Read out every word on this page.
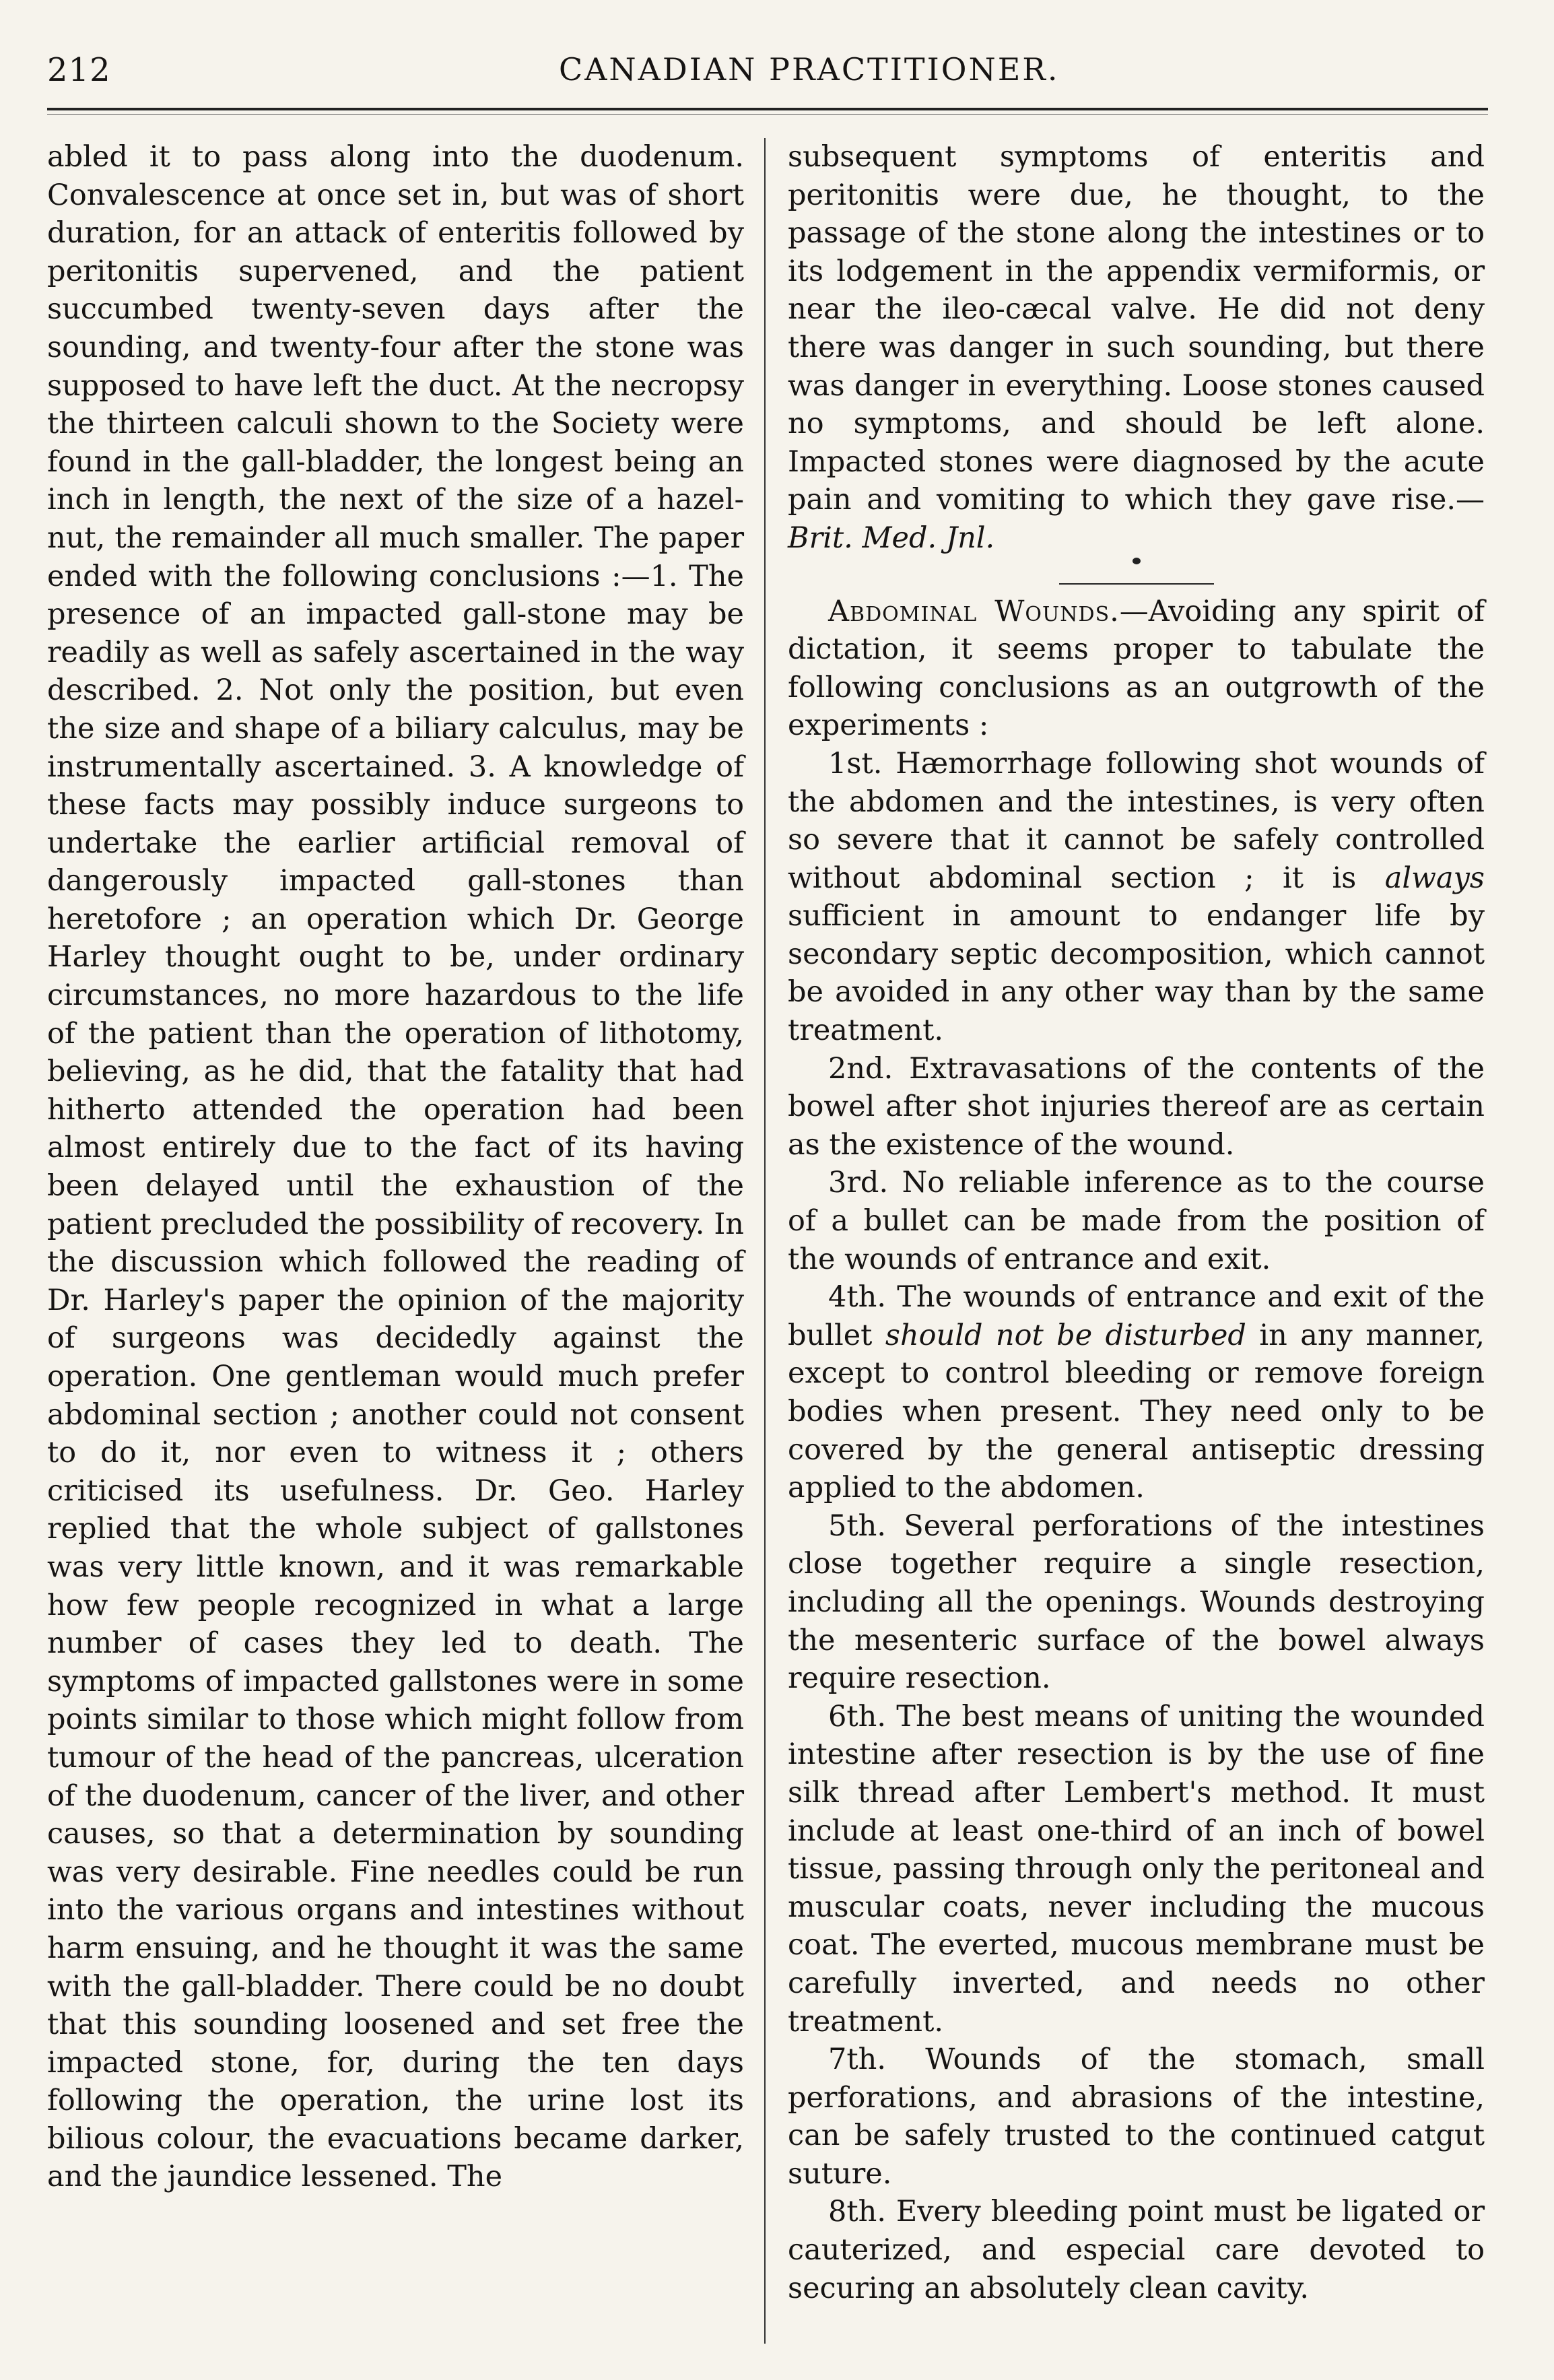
212	CANADIAN PRACTITIONER.

abled it to pass along into the duodenum. Convalescence at once set in, but was of short duration, for an attack of enteritis followed by peritonitis supervened, and the patient succumbed twenty-seven days after the sounding, and twenty-four after the stone was supposed to have left the duct. At the necropsy the thirteen calculi shown to the Society were found in the gall-bladder, the longest being an inch in length, the next of the size of a hazel-nut, the remainder all much smaller. The paper ended with the following conclusions :—1. The presence of an impacted gall-stone may be readily as well as safely ascertained in the way described. 2. Not only the position, but even the size and shape of a biliary calculus, may be instrumentally ascertained. 3. A knowledge of these facts may possibly induce surgeons to undertake the earlier artificial removal of dangerously impacted gall-stones than heretofore ; an operation which Dr. George Harley thought ought to be, under ordinary circumstances, no more hazardous to the life of the patient than the operation of lithotomy, believing, as he did, that the fatality that had hitherto attended the operation had been almost entirely due to the fact of its having been delayed until the exhaustion of the patient precluded the possibility of recovery. In the discussion which followed the reading of Dr. Harley's paper the opinion of the majority of surgeons was decidedly against the operation. One gentleman would much prefer abdominal section ; another could not consent to do it, nor even to witness it ; others criticised its usefulness. Dr. Geo. Harley replied that the whole subject of gallstones was very little known, and it was remarkable how few people recognized in what a large number of cases they led to death. The symptoms of impacted gallstones were in some points similar to those which might follow from tumour of the head of the pancreas, ulceration of the duodenum, cancer of the liver, and other causes, so that a determination by sounding was very desirable. Fine needles could be run into the various organs and intestines without harm ensuing, and he thought it was the same with the gall-bladder. There could be no doubt that this sounding loosened and set free the impacted stone, for, during the ten days following the operation, the urine lost its bilious colour, the evacuations became darker, and the jaundice lessened. The

subsequent symptoms of enteritis and peritonitis were due, he thought, to the passage of the stone along the intestines or to its lodgement in the appendix vermiformis, or near the ileo-cæcal valve. He did not deny there was danger in such sounding, but there was danger in everything. Loose stones caused no symptoms, and should be left alone. Impacted stones were diagnosed by the acute pain and vomiting to which they gave rise.—Brit. Med. Jnl.

Abdominal Wounds.—Avoiding any spirit of dictation, it seems proper to tabulate the following conclusions as an outgrowth of the experiments :

1st. Hæmorrhage following shot wounds of the abdomen and the intestines, is very often so severe that it cannot be safely controlled without abdominal section ; it is always sufficient in amount to endanger life by secondary septic decomposition, which cannot be avoided in any other way than by the same treatment.

2nd. Extravasations of the contents of the bowel after shot injuries thereof are as certain as the existence of the wound.

3rd. No reliable inference as to the course of a bullet can be made from the position of the wounds of entrance and exit.

4th. The wounds of entrance and exit of the bullet should not be disturbed in any manner, except to control bleeding or remove foreign bodies when present. They need only to be covered by the general antiseptic dressing applied to the abdomen.

5th. Several perforations of the intestines close together require a single resection, including all the openings. Wounds destroying the mesenteric surface of the bowel always require resection.

6th. The best means of uniting the wounded intestine after resection is by the use of fine silk thread after Lembert's method. It must include at least one-third of an inch of bowel tissue, passing through only the peritoneal and muscular coats, never including the mucous coat. The everted, mucous membrane must be carefully inverted, and needs no other treatment.

7th. Wounds of the stomach, small perforations, and abrasions of the intestine, can be safely trusted to the continued catgut suture.

8th. Every bleeding point must be ligated or cauterized, and especial care devoted to securing an absolutely clean cavity.
